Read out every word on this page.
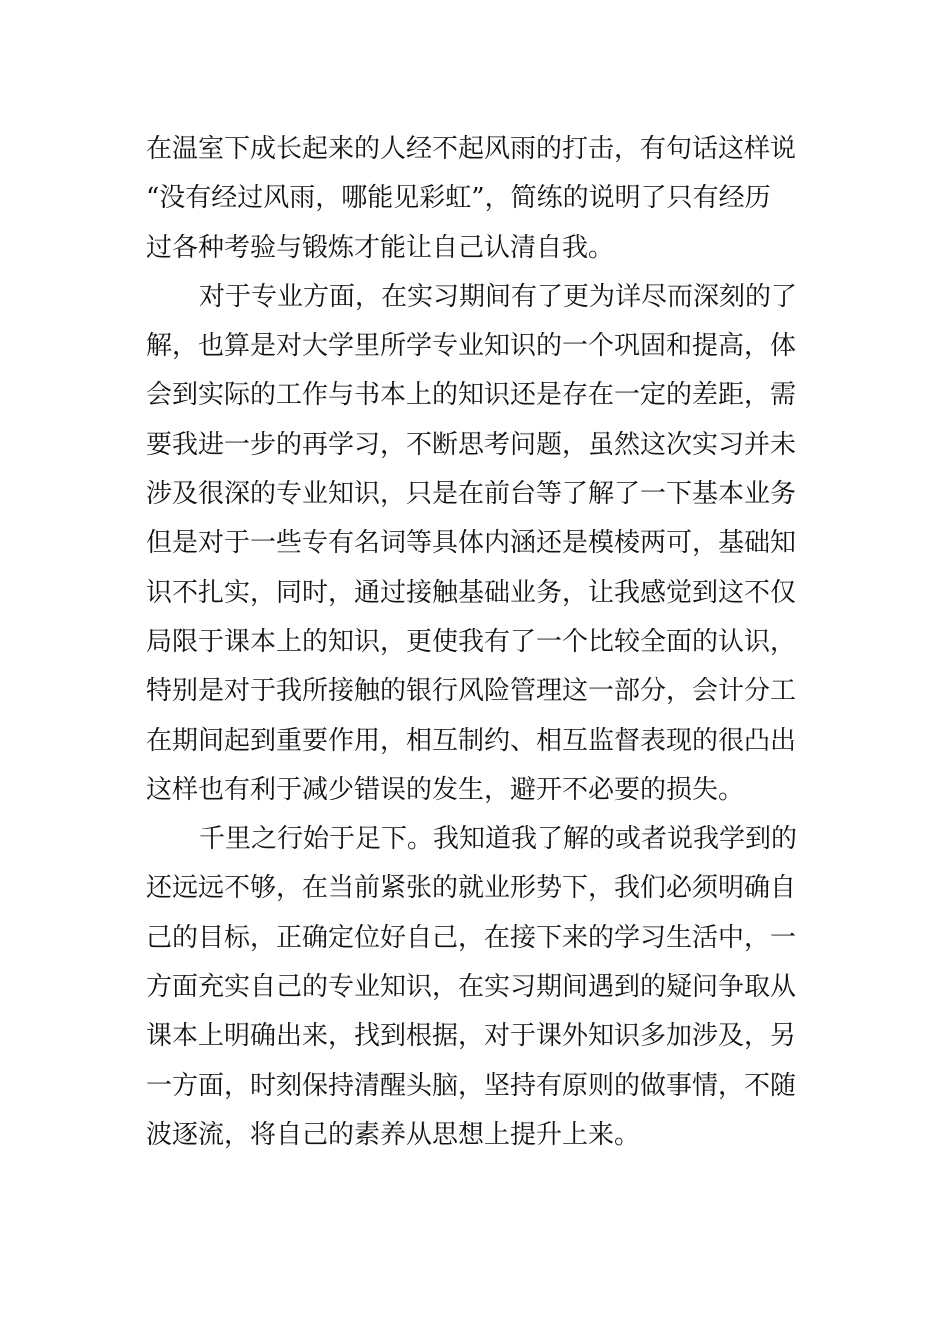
在温室下成长起来的人经不起风雨的打击，有句话这样说
“没有经过风雨，哪能见彩虹”，简练的说明了只有经历
过各种考验与锻炼才能让自己认清自我。
对于专业方面，在实习期间有了更为详尽而深刻的了
解，也算是对大学里所学专业知识的一个巩固和提高，体
会到实际的工作与书本上的知识还是存在一定的差距，需
要我进一步的再学习，不断思考问题，虽然这次实习并未
涉及很深的专业知识，只是在前台等了解了一下基本业务
但是对于一些专有名词等具体内涵还是模棱两可，基础知
识不扎实，同时，通过接触基础业务，让我感觉到这不仅
局限于课本上的知识，更使我有了一个比较全面的认识，
特别是对于我所接触的银行风险管理这一部分，会计分工
在期间起到重要作用，相互制约、相互监督表现的很凸出
这样也有利于减少错误的发生，避开不必要的损失。
千里之行始于足下。我知道我了解的或者说我学到的
还远远不够，在当前紧张的就业形势下，我们必须明确自
己的目标，正确定位好自己，在接下来的学习生活中，一
方面充实自己的专业知识，在实习期间遇到的疑问争取从
课本上明确出来，找到根据，对于课外知识多加涉及，另
一方面，时刻保持清醒头脑，坚持有原则的做事情，不随
波逐流，将自己的素养从思想上提升上来。
